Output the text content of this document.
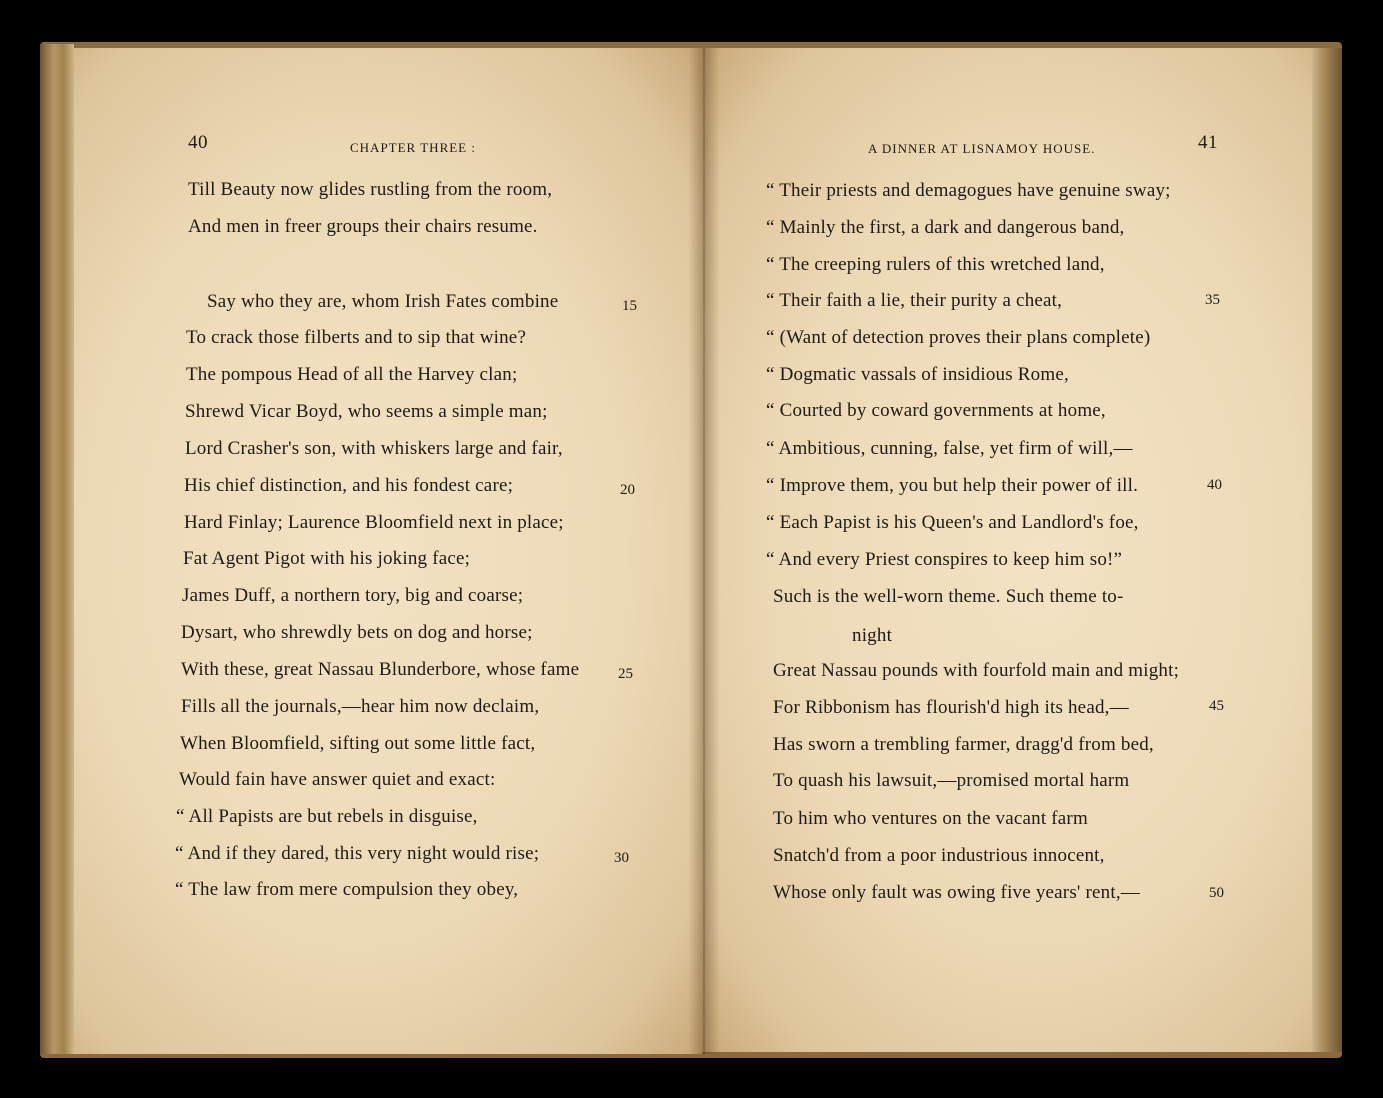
40	CHAPTER THREE :
Till Beauty now glides rustling from the room,
And men in freer groups their chairs resume.
Say who they are, whom Irish Fates combine
To crack those filberts and to sip that wine?
The pompous Head of all the Harvey clan;
Shrewd Vicar Boyd, who seems a simple man;
Lord Crasher's son, with whiskers large and fair,
His chief distinction, and his fondest care;
Hard Finlay; Laurence Bloomfield next in place;
Fat Agent Pigot with his joking face;
James Duff, a northern tory, big and coarse;
Dysart, who shrewdly bets on dog and horse;
With these, great Nassau Blunderbore, whose fame
Fills all the journals,—hear him now declaim,
When Bloomfield, sifting out some little fact,
Would fain have answer quiet and exact:
“ All Papists are but rebels in disguise,
“ And if they dared, this very night would rise;
“ The law from mere compulsion they obey,
15
20
25
30
A DINNER AT LISNAMOY HOUSE.	41
“ Their priests and demagogues have genuine sway;
“ Mainly the first, a dark and dangerous band,
“ The creeping rulers of this wretched land,
“ Their faith a lie, their purity a cheat,
“ (Want of detection proves their plans complete)
“ Dogmatic vassals of insidious Rome,
“ Courted by coward governments at home,
“ Ambitious, cunning, false, yet firm of will,—
“ Improve them, you but help their power of ill.
“ Each Papist is his Queen's and Landlord's foe,
“ And every Priest conspires to keep him so!”
Such is the well-worn theme. Such theme to-
night
Great Nassau pounds with fourfold main and might;
For Ribbonism has flourish'd high its head,—
Has sworn a trembling farmer, dragg'd from bed,
To quash his lawsuit,—promised mortal harm
To him who ventures on the vacant farm
Snatch'd from a poor industrious innocent,
Whose only fault was owing five years' rent,—
35
40
45
50
